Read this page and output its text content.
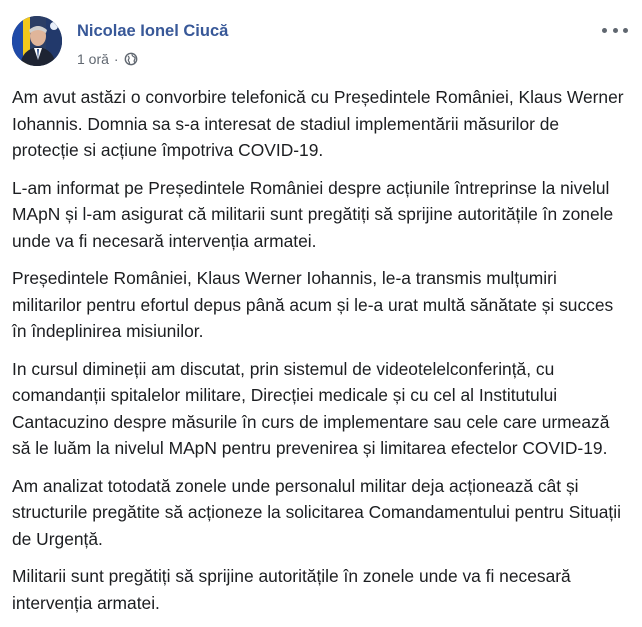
Nicolae Ionel Ciucă
1 oră ·

Am avut astăzi o convorbire telefonică cu Președintele României, Klaus Werner Iohannis. Domnia sa s-a interesat de stadiul implementării măsurilor de protecție si acțiune împotriva COVID-19.

L-am informat pe Președintele României despre acțiunile întreprinse la nivelul MApN și l-am asigurat că militarii sunt pregătiți să sprijine autoritățile în zonele unde va fi necesară intervenția armatei.

Președintele României, Klaus Werner Iohannis, le-a transmis mulțumiri militarilor pentru efortul depus până acum și le-a urat multă sănătate și succes în îndeplinirea misiunilor.

In cursul dimineții am discutat, prin sistemul de videotelelconferință, cu comandanții spitalelor militare, Direcției medicale și cu cel al Institutului Cantacuzino despre măsurile în curs de implementare sau cele care urmează să le luăm la nivelul MApN pentru prevenirea și limitarea efectelor COVID-19.

Am analizat totodată zonele unde personalul militar deja acționează cât și structurile pregătite să acționeze la solicitarea Comandamentului pentru Situații de Urgență.

Militarii sunt pregătiți să sprijine autoritățile în zonele unde va fi necesară intervenția armatei.
